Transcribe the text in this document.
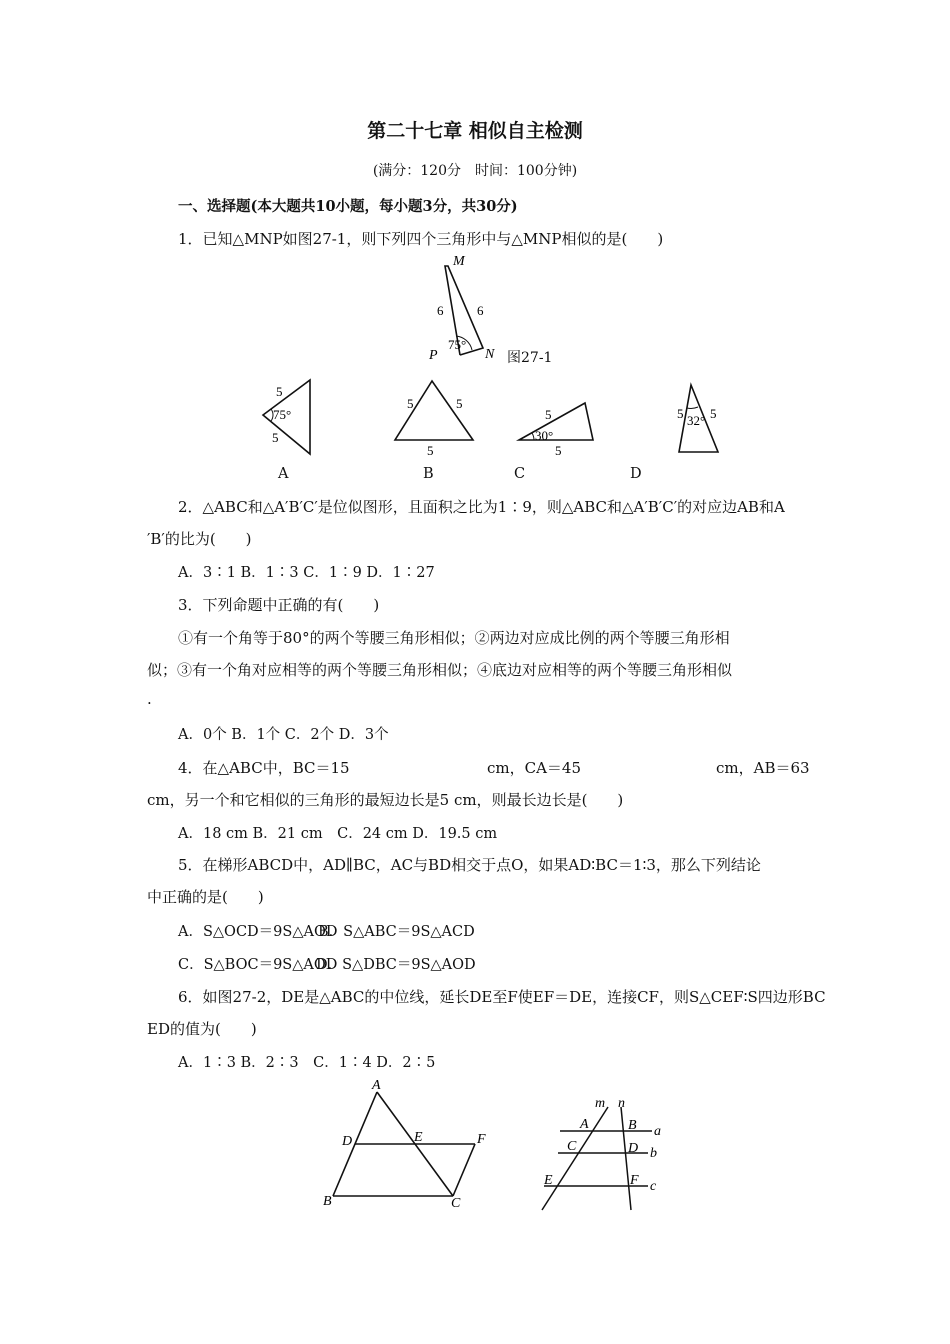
第二十七章 相似自主检测
(满分：120分　时间：100分钟)
一、选择题(本大题共10小题，每小题3分，共30分)
1．已知△MNP如图27-1，则下列四个三角形中与△MNP相似的是(　　)
M
P	N
6	6
75°
图27-1
5
5
75°
5	5
5
5
5
30°
5 5
32°
A	B	C	D
2．△ABC和△A′B′C′是位似图形，且面积之比为1∶9，则△ABC和△A′B′C′的对应边AB和A
′B′的比为(　　)
A．3∶1 B．1∶3 C．1∶9 D．1∶27
3．下列命题中正确的有(　　)
①有一个角等于80°的两个等腰三角形相似；②两边对应成比例的两个等腰三角形相
似；③有一个角对应相等的两个等腰三角形相似；④底边对应相等的两个等腰三角形相似
.
A．0个 B．1个 C．2个 D．3个
4．在△ABC中，BC＝15	cm，CA＝45	cm，AB＝63
cm，另一个和它相似的三角形的最短边长是5 cm，则最长边长是(　　)
A．18 cm B．21 cm　C．24 cm D．19.5 cm
5．在梯形ABCD中，AD∥BC，AC与BD相交于点O，如果AD∶BC＝1∶3，那么下列结论
中正确的是(　　)
A．S△OCD＝9S△AOD
B．S△ABC＝9S△ACD
C．S△BOC＝9S△AOD
D．S△DBC＝9S△AOD
6．如图27-2，DE是△ABC的中位线，延长DE至F使EF＝DE，连接CF，则S△CEF∶S四边形BC
ED的值为(　　)
A．1∶3 B．2∶3　C．1∶4 D．2∶5
A
D	E	F
B	C
m n
A	B
C	D
E	F
a
b
c
